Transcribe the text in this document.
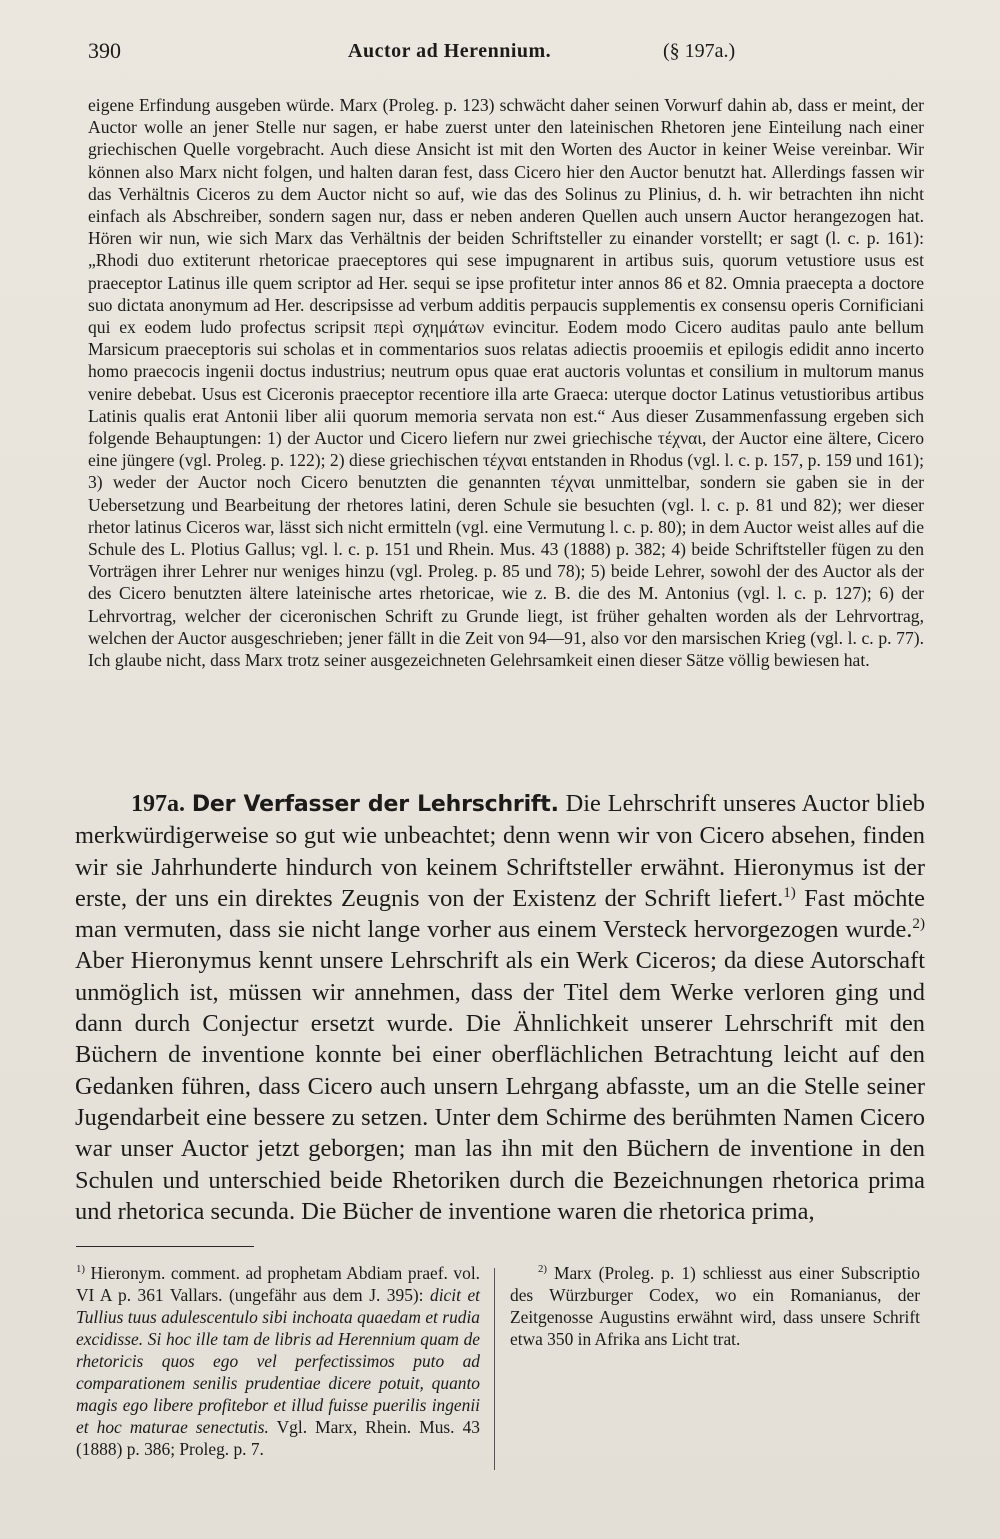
390	Auctor ad Herennium.	(§ 197a.)

eigene Erfindung ausgeben würde. Marx (Proleg. p. 123) schwächt daher seinen Vorwurf dahin ab, dass er meint, der Auctor wolle an jener Stelle nur sagen, er habe zuerst unter den lateinischen Rhetoren jene Einteilung nach einer griechischen Quelle vorgebracht. Auch diese Ansicht ist mit den Worten des Auctor in keiner Weise vereinbar. Wir können also Marx nicht folgen, und halten daran fest, dass Cicero hier den Auctor benutzt hat. Allerdings fassen wir das Verhältnis Ciceros zu dem Auctor nicht so auf, wie das des Solinus zu Plinius, d. h. wir betrachten ihn nicht einfach als Abschreiber, sondern sagen nur, dass er neben anderen Quellen auch unsern Auctor herangezogen hat. Hören wir nun, wie sich Marx das Verhältnis der beiden Schriftsteller zu einander vorstellt; er sagt (l. c. p. 161): „Rhodi duo extiterunt rhetoricae praeceptores qui sese impugnarent in artibus suis, quorum vetustiore usus est praeceptor Latinus ille quem scriptor ad Her. sequi se ipse profitetur inter annos 86 et 82. Omnia praecepta a doctore suo dictata anonymum ad Her. descripsisse ad verbum additis perpaucis supplementis ex consensu operis Cornificiani qui ex eodem ludo profectus scripsit περὶ σχημάτων evincitur. Eodem modo Cicero auditas paulo ante bellum Marsicum praeceptoris sui scholas et in commentarios suos relatas adiectis prooemiis et epilogis edidit anno incerto homo praecocis ingenii doctus industrius; neutrum opus quae erat auctoris voluntas et consilium in multorum manus venire debebat. Usus est Ciceronis praeceptor recentiore illa arte Graeca: uterque doctor Latinus vetustioribus artibus Latinis qualis erat Antonii liber alii quorum memoria servata non est.“ Aus dieser Zusammenfassung ergeben sich folgende Behauptungen: 1) der Auctor und Cicero liefern nur zwei griechische τέχναι, der Auctor eine ältere, Cicero eine jüngere (vgl. Proleg. p. 122); 2) diese griechischen τέχναι entstanden in Rhodus (vgl. l. c. p. 157, p. 159 und 161); 3) weder der Auctor noch Cicero benutzten die genannten τέχναι unmittelbar, sondern sie gaben sie in der Uebersetzung und Bearbeitung der rhetores latini, deren Schule sie besuchten (vgl. l. c. p. 81 und 82); wer dieser rhetor latinus Ciceros war, lässt sich nicht ermitteln (vgl. eine Vermutung l. c. p. 80); in dem Auctor weist alles auf die Schule des L. Plotius Gallus; vgl. l. c. p. 151 und Rhein. Mus. 43 (1888) p. 382; 4) beide Schriftsteller fügen zu den Vorträgen ihrer Lehrer nur weniges hinzu (vgl. Proleg. p. 85 und 78); 5) beide Lehrer, sowohl der des Auctor als der des Cicero benutzten ältere lateinische artes rhetoricae, wie z. B. die des M. Antonius (vgl. l. c. p. 127); 6) der Lehrvortrag, welcher der ciceronischen Schrift zu Grunde liegt, ist früher gehalten worden als der Lehrvortrag, welchen der Auctor ausgeschrieben; jener fällt in die Zeit von 94—91, also vor den marsischen Krieg (vgl. l. c. p. 77). Ich glaube nicht, dass Marx trotz seiner ausgezeichneten Gelehrsamkeit einen dieser Sätze völlig bewiesen hat.

197a. Der Verfasser der Lehrschrift. Die Lehrschrift unseres Auctor blieb merkwürdigerweise so gut wie unbeachtet; denn wenn wir von Cicero absehen, finden wir sie Jahrhunderte hindurch von keinem Schriftsteller erwähnt. Hieronymus ist der erste, der uns ein direktes Zeugnis von der Existenz der Schrift liefert.$^{1)}$ Fast möchte man vermuten, dass sie nicht lange vorher aus einem Versteck hervorgezogen wurde.$^{2)}$ Aber Hieronymus kennt unsere Lehrschrift als ein Werk Ciceros; da diese Autorschaft unmöglich ist, müssen wir annehmen, dass der Titel dem Werke verloren ging und dann durch Conjectur ersetzt wurde. Die Ähnlichkeit unserer Lehrschrift mit den Büchern de inventione konnte bei einer oberflächlichen Betrachtung leicht auf den Gedanken führen, dass Cicero auch unsern Lehrgang abfasste, um an die Stelle seiner Jugendarbeit eine bessere zu setzen. Unter dem Schirme des berühmten Namen Cicero war unser Auctor jetzt geborgen; man las ihn mit den Büchern de inventione in den Schulen und unterschied beide Rhetoriken durch die Bezeichnungen rhetorica prima und rhetorica secunda. Die Bücher de inventione waren die rhetorica prima,

$^{1)}$ Hieronym. comment. ad prophetam Abdiam praef. vol. VI A p. 361 Vallars. (ungefähr aus dem J. 395): dicit et Tullius tuus adulescentulo sibi inchoata quaedam et rudia excidisse. Si hoc ille tam de libris ad Herennium quam de rhetoricis quos ego vel perfectissimos puto ad comparationem senilis prudentiae dicere potuit, quanto magis ego libere profitebor et illud fuisse puerilis ingenii et hoc maturae senectutis. Vgl. Marx, Rhein. Mus. 43 (1888) p. 386; Proleg. p. 7.

$^{2)}$ Marx (Proleg. p. 1) schliesst aus einer Subscriptio des Würzburger Codex, wo ein Romanianus, der Zeitgenosse Augustins erwähnt wird, dass unsere Schrift etwa 350 in Afrika ans Licht trat.
